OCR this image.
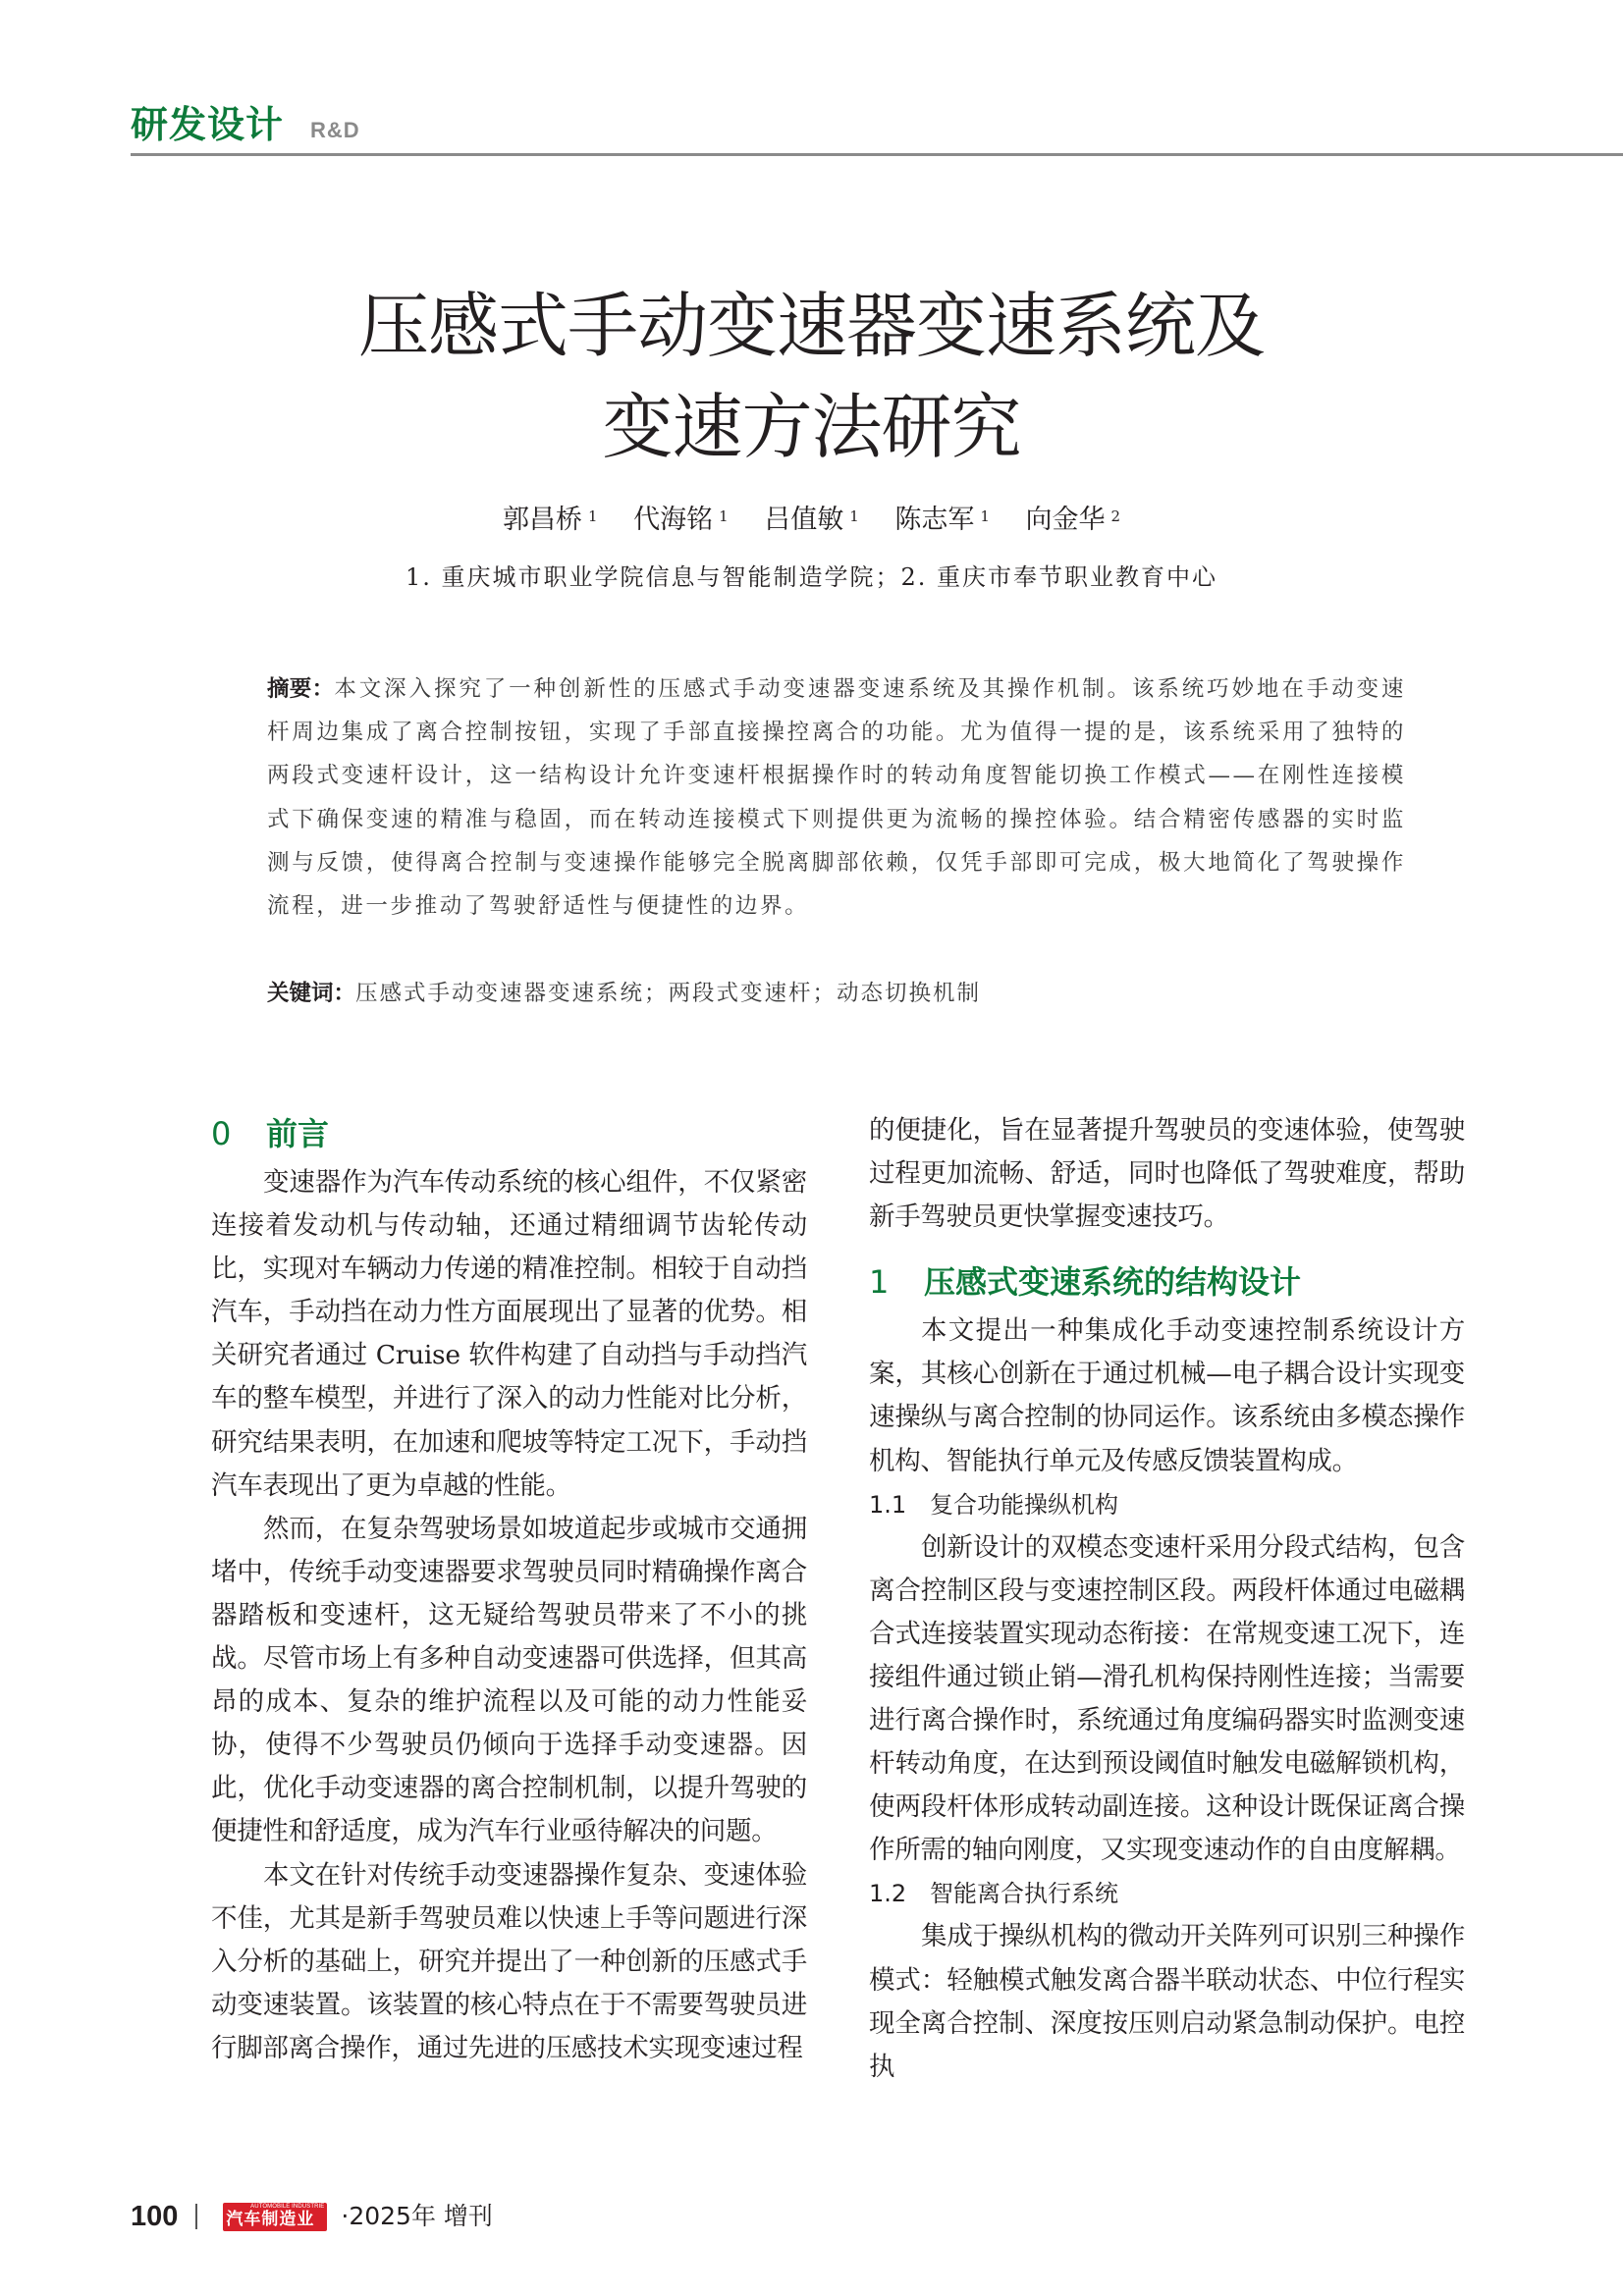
研发设计 R&D
压感式手动变速器变速系统及
变速方法研究
郭昌桥 $^1$ 代海铭 $^1$ 吕值敏 $^1$ 陈志军 $^1$ 向金华 $^2$
1. 重庆城市职业学院信息与智能制造学院；2. 重庆市奉节职业教育中心
摘要：本文深入探究了一种创新性的压感式手动变速器变速系统及其操作机制。该系统巧妙地在手动变速杆周边集成了离合控制按钮，实现了手部直接操控离合的功能。尤为值得一提的是，该系统采用了独特的两段式变速杆设计，这一结构设计允许变速杆根据操作时的转动角度智能切换工作模式——在刚性连接模式下确保变速的精准与稳固，而在转动连接模式下则提供更为流畅的操控体验。结合精密传感器的实时监测与反馈，使得离合控制与变速操作能够完全脱离脚部依赖，仅凭手部即可完成，极大地简化了驾驶操作流程，进一步推动了驾驶舒适性与便捷性的边界。
关键词：压感式手动变速器变速系统；两段式变速杆；动态切换机制
0 前言

变速器作为汽车传动系统的核心组件，不仅紧密连接着发动机与传动轴，还通过精细调节齿轮传动比，实现对车辆动力传递的精准控制。相较于自动挡汽车，手动挡在动力性方面展现出了显著的优势。相关研究者通过 Cruise 软件构建了自动挡与手动挡汽车的整车模型，并进行了深入的动力性能对比分析，研究结果表明，在加速和爬坡等特定工况下，手动挡汽车表现出了更为卓越的性能。

然而，在复杂驾驶场景如坡道起步或城市交通拥堵中，传统手动变速器要求驾驶员同时精确操作离合器踏板和变速杆，这无疑给驾驶员带来了不小的挑战。尽管市场上有多种自动变速器可供选择，但其高昂的成本、复杂的维护流程以及可能的动力性能妥协，使得不少驾驶员仍倾向于选择手动变速器。因此，优化手动变速器的离合控制机制，以提升驾驶的便捷性和舒适度，成为汽车行业亟待解决的问题。

本文在针对传统手动变速器操作复杂、变速体验不佳，尤其是新手驾驶员难以快速上手等问题进行深入分析的基础上，研究并提出了一种创新的压感式手动变速装置。该装置的核心特点在于不需要驾驶员进行脚部离合操作，通过先进的压感技术实现变速过程

的便捷化，旨在显著提升驾驶员的变速体验，使驾驶过程更加流畅、舒适，同时也降低了驾驶难度，帮助新手驾驶员更快掌握变速技巧。

1 压感式变速系统的结构设计

本文提出一种集成化手动变速控制系统设计方案，其核心创新在于通过机械—电子耦合设计实现变速操纵与离合控制的协同运作。该系统由多模态操作机构、智能执行单元及传感反馈装置构成。

1.1 复合功能操纵机构

创新设计的双模态变速杆采用分段式结构，包含离合控制区段与变速控制区段。两段杆体通过电磁耦合式连接装置实现动态衔接：在常规变速工况下，连接组件通过锁止销—滑孔机构保持刚性连接；当需要进行离合操作时，系统通过角度编码器实时监测变速杆转动角度，在达到预设阈值时触发电磁解锁机构，使两段杆体形成转动副连接。这种设计既保证离合操作所需的轴向刚度，又实现变速动作的自由度解耦。

1.2 智能离合执行系统

集成于操纵机构的微动开关阵列可识别三种操作模式：轻触模式触发离合器半联动状态、中位行程实现全离合控制、深度按压则启动紧急制动保护。电控执

100	AUTOMOBILE INDUSTRIE
汽车制造业	·2025年 增刊
